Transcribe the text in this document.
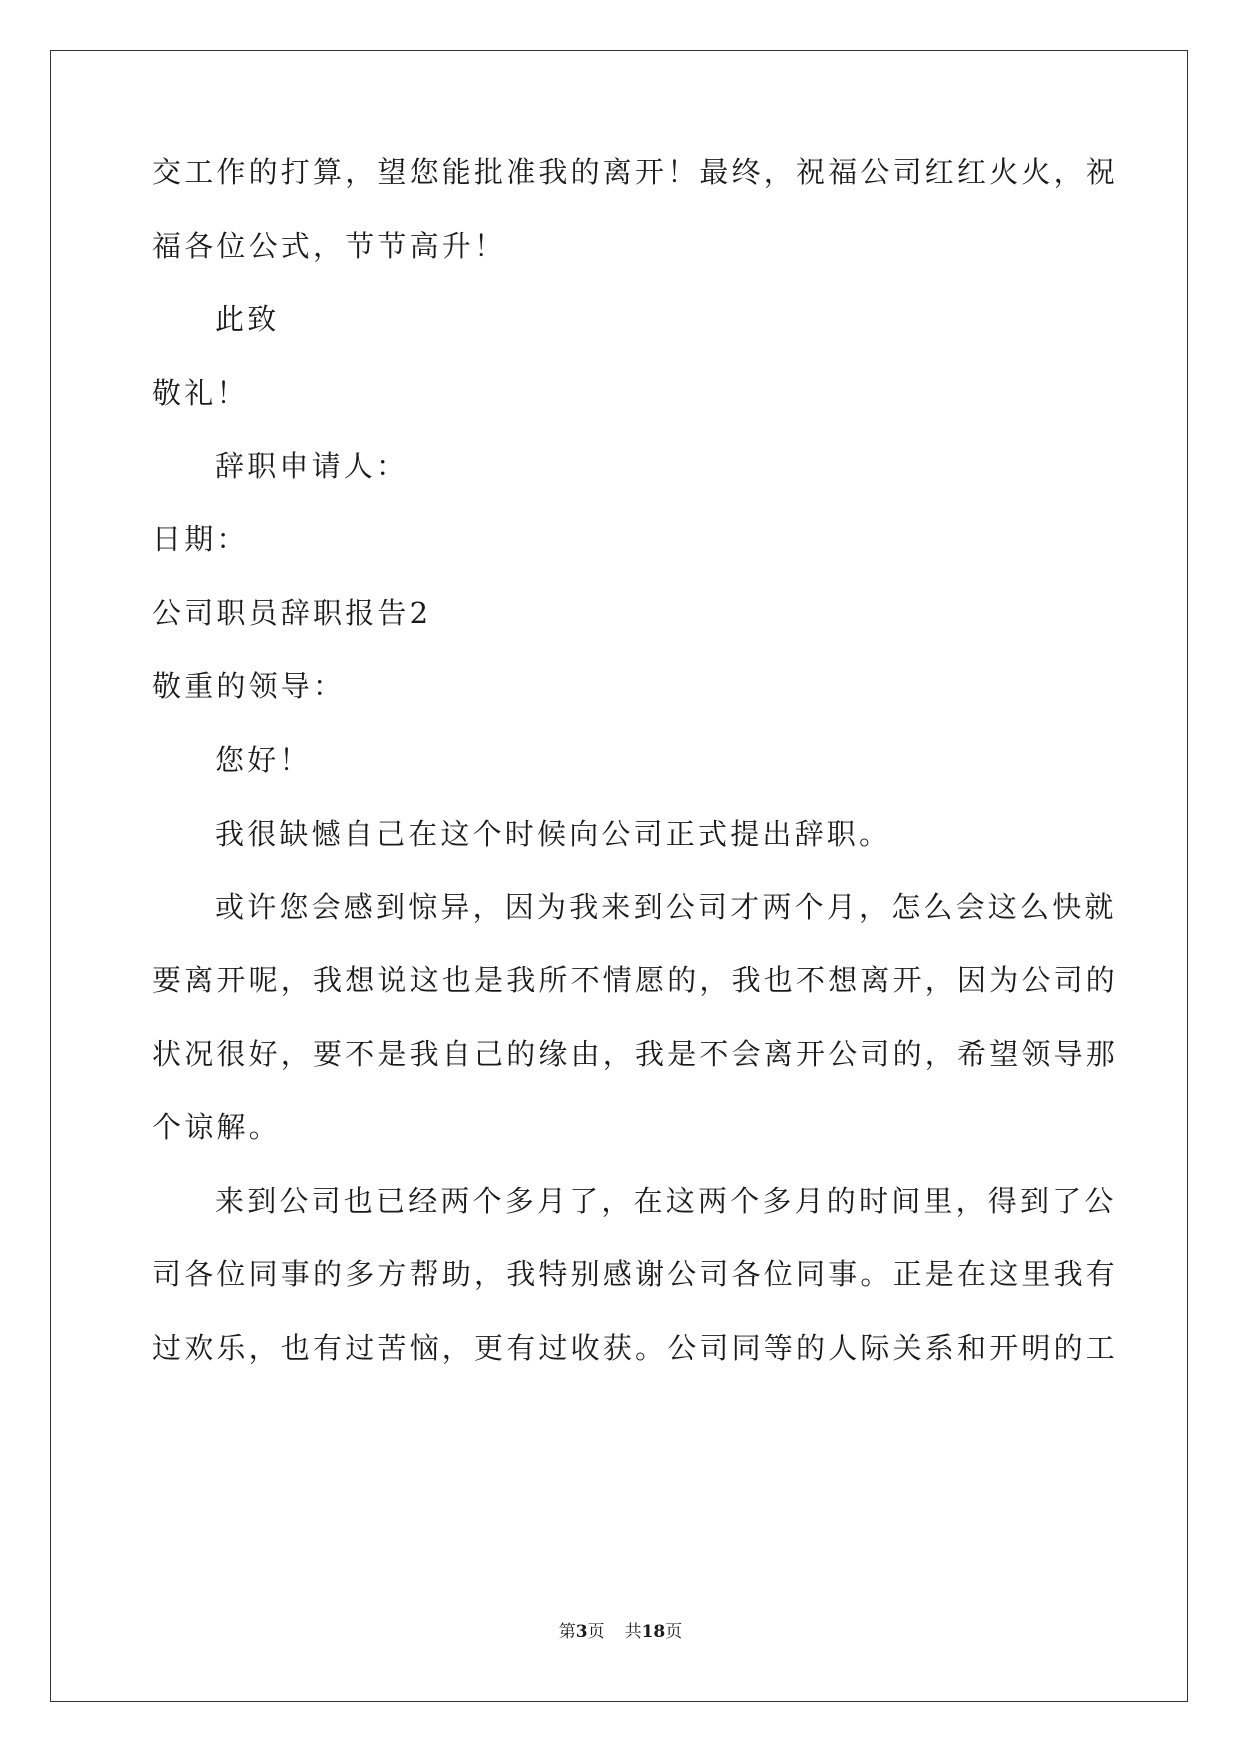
交工作的打算，望您能批准我的离开！最终，祝福公司红红火火，祝
福各位公式，节节高升！
此致
敬礼！
辞职申请人：
日期：
公司职员辞职报告2
敬重的领导：
您好！
我很缺憾自己在这个时候向公司正式提出辞职。
或许您会感到惊异，因为我来到公司才两个月，怎么会这么快就
要离开呢，我想说这也是我所不情愿的，我也不想离开，因为公司的
状况很好，要不是我自己的缘由，我是不会离开公司的，希望领导那
个谅解。
来到公司也已经两个多月了，在这两个多月的时间里，得到了公
司各位同事的多方帮助，我特别感谢公司各位同事。正是在这里我有
过欢乐，也有过苦恼，更有过收获。公司同等的人际关系和开明的工
第3页 共18页
